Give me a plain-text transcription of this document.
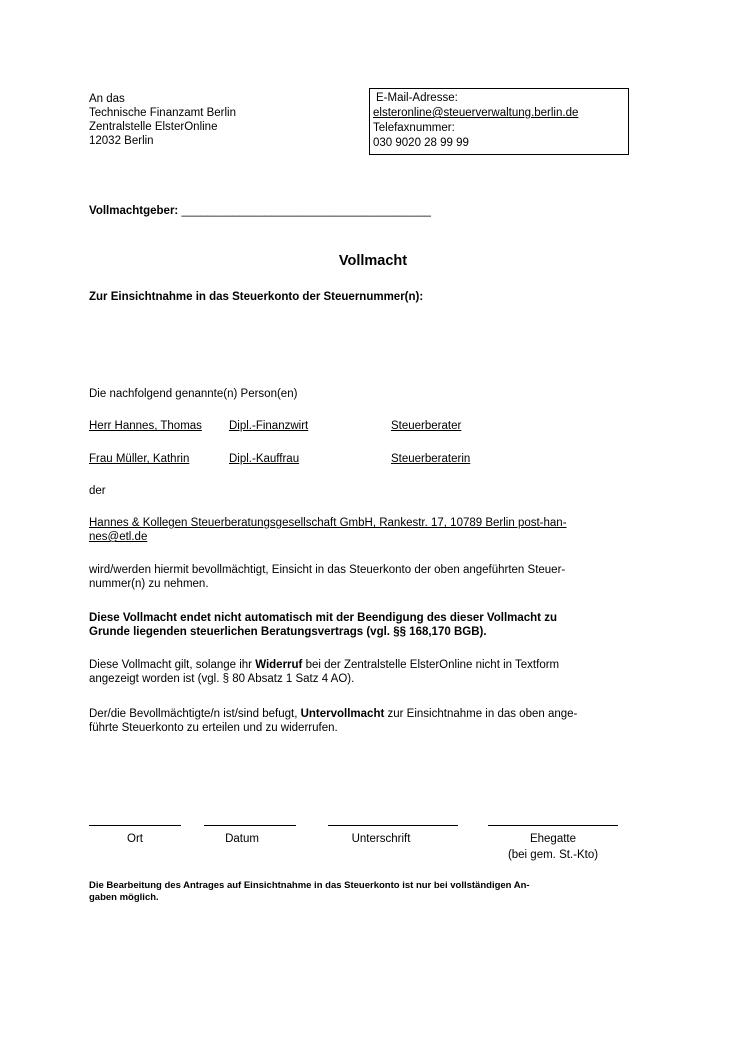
An das
Technische Finanzamt Berlin
Zentralstelle ElsterOnline
12032 Berlin
E-Mail-Adresse:
elsteronline@steuerverwaltung.berlin.de
Telefaxnummer:
030 9020 28 99 99
Vollmachtgeber: _______________________________________
Vollmacht
Zur Einsichtnahme in das Steuerkonto der Steuernummer(n):
Die nachfolgend genannte(n) Person(en)
Herr Hannes, Thomas	Dipl.-Finanzwirt	Steuerberater
Frau Müller, Kathrin	Dipl.-Kauffrau	Steuerberaterin
der
Hannes & Kollegen Steuerberatungsgesellschaft GmbH, Rankestr. 17, 10789 Berlin post-han-
nes@etl.de
wird/werden hiermit bevollmächtigt, Einsicht in das Steuerkonto der oben angeführten Steuer-
nummer(n) zu nehmen.
Diese Vollmacht endet nicht automatisch mit der Beendigung des dieser Vollmacht zu
Grunde liegenden steuerlichen Beratungsvertrags (vgl. §§ 168,170 BGB).
Diese Vollmacht gilt, solange ihr Widerruf bei der Zentralstelle ElsterOnline nicht in Textform
angezeigt worden ist (vgl. § 80 Absatz 1 Satz 4 AO).
Der/die Bevollmächtigte/n ist/sind befugt, Untervollmacht zur Einsichtnahme in das oben ange-
führte Steuerkonto zu erteilen und zu widerrufen.
Ort	Datum	Unterschrift	Ehegatte
(bei gem. St.-Kto)
Die Bearbeitung des Antrages auf Einsichtnahme in das Steuerkonto ist nur bei vollständigen An-
gaben möglich.
